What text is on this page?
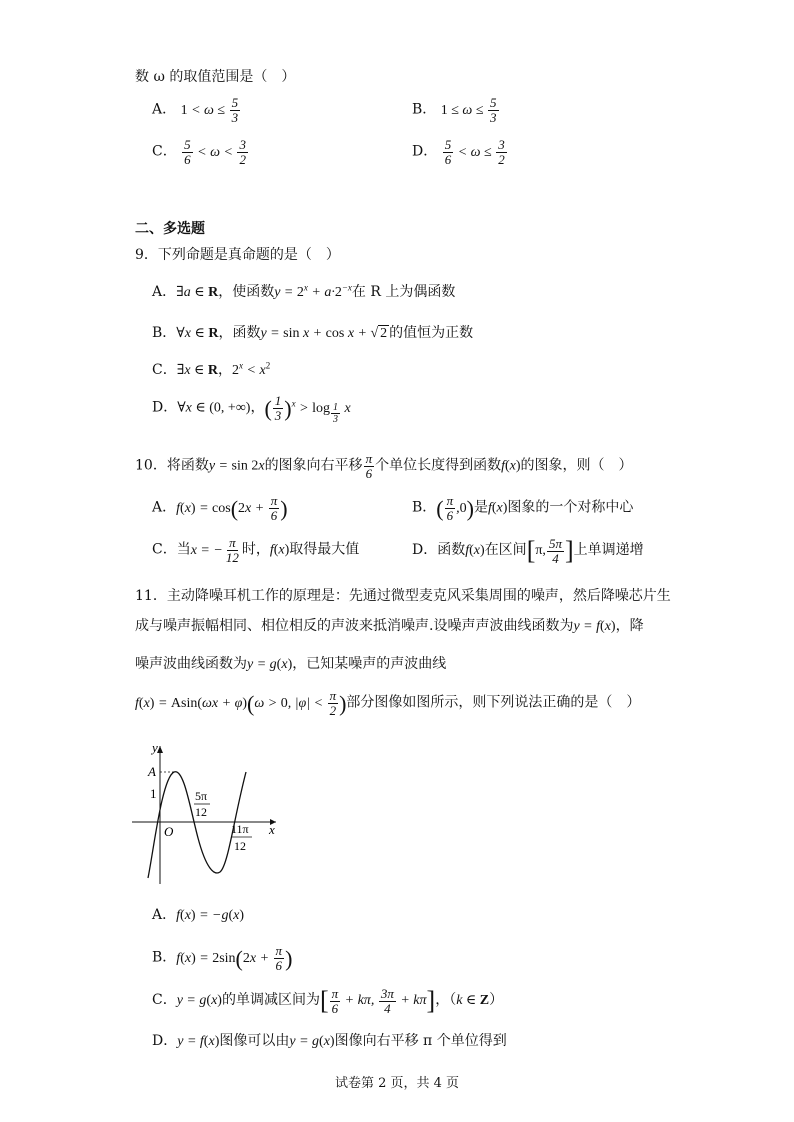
数 ω 的取值范围是（　）
A． $1 < \omega \le \frac{5}{3}$	B． $1 \le \omega \le \frac{5}{3}$
C． $\frac{5}{6} < \omega < \frac{3}{2}$	D． $\frac{5}{6} < \omega \le \frac{3}{2}$
二、多选题
9．下列命题是真命题的是（　）
A．∃a ∈ R，使函数$y = 2^x + a\cdot 2^{-x}$在 R 上为偶函数
B．∀x ∈ R，函数y = sin x + cos x + √ 2 的值恒为正数
C．∃x ∈ R，$2^x < x^2$
D．∀x ∈ (0, +∞)，( $\frac{1}{3} )^x > \log _{\frac{1}{3}}$ x
10．将函数y = sin 2x的图象向右平移 $\frac{\pi}{6}$ 个单位长度得到函数f(x)的图象，则（　）
A．$f(x) = \cos(2x + \frac{\pi}{6}$ )	B．( $\frac{\pi}{6} ,0$)是f(x)图象的一个对称中心
C．当x = − $\frac{\pi}{12}$ 时，f(x)取得最大值	D．函数f(x)在区间[π, $\frac{5\pi}{4}$ ]上单调递增
11．主动降噪耳机工作的原理是：先通过微型麦克风采集周围的噪声，然后降噪芯片生
成与噪声振幅相同、相位相反的声波来抵消噪声.设噪声声波曲线函数为y = f(x)，降
噪声波曲线函数为y = g(x)，已知某噪声的声波曲线
f(x) = Asin(ωx + φ)(ω > 0, $|\varphi| < \frac{\pi}{2}$ )部分图像如图所示，则下列说法正确的是（　）
y
x
A
1
O
5π
12
11π
12
A．f(x) = −g(x)
B．$f(x) = 2\sin(2x + \frac{\pi}{6}$ )
C．y = g(x)的单调减区间为[ $\frac{\pi}{6} + k\pi$, $\frac{3\pi}{4} + k\pi$]，（k ∈ Z）
D．y = f(x)图像可以由y = g(x)图像向右平移 π 个单位得到
试卷第 2 页，共 4 页
